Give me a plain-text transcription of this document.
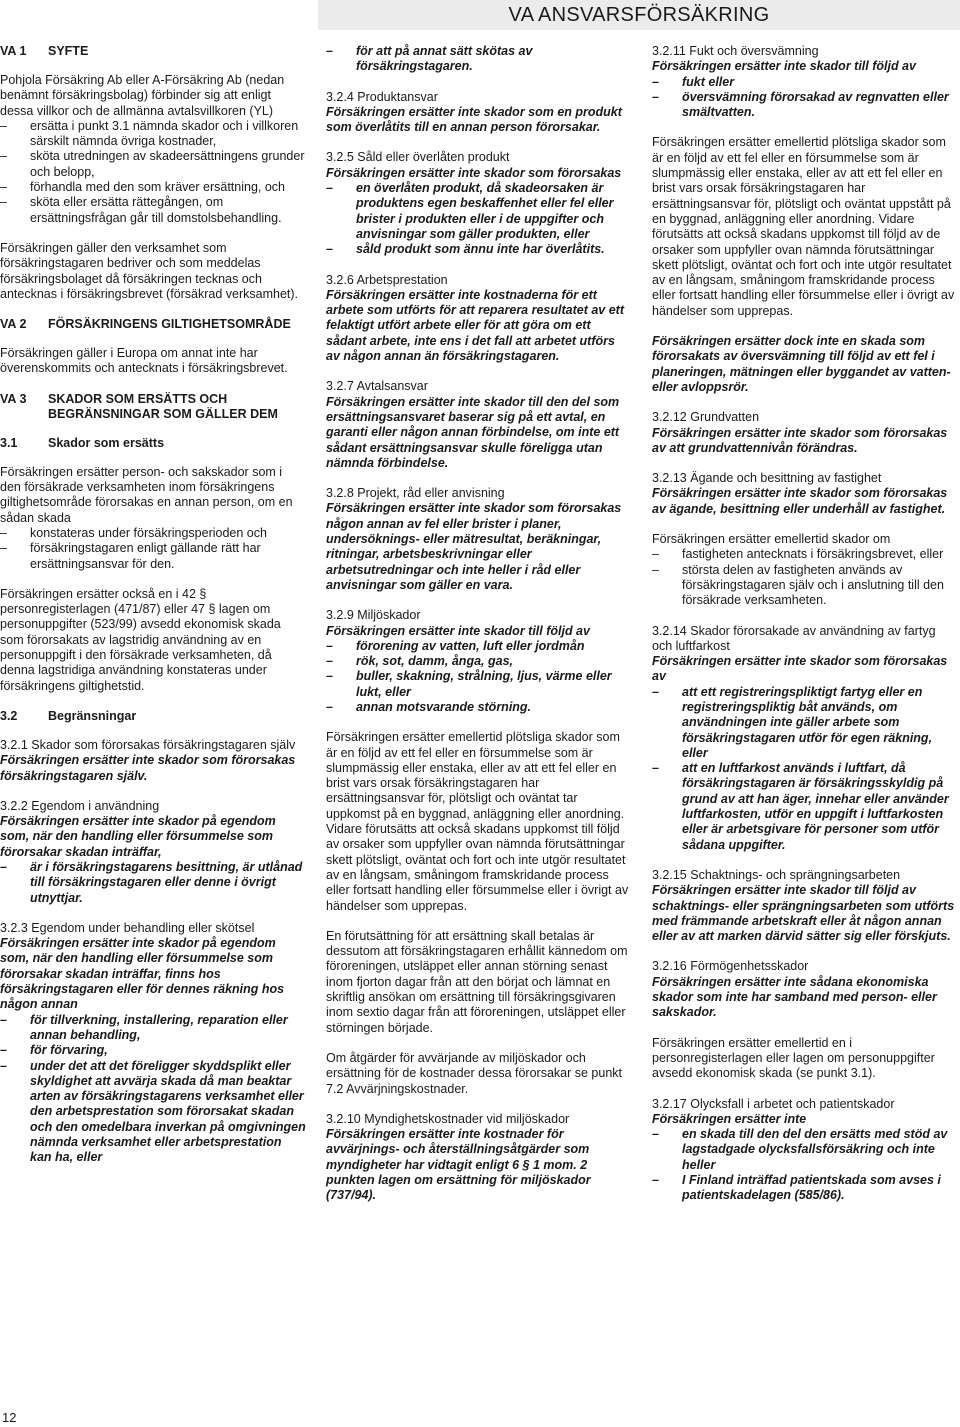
VA ANSVARSFÖRSÄKRING
VA 1	SYFTE
Pohjola Försäkring Ab eller A-Försäkring Ab (nedan benämnt försäkringsbolag) förbinder sig att enligt dessa villkor och de allmänna avtalsvillkoren (YL)
–	ersätta i punkt 3.1 nämnda skador och i villkoren särskilt nämnda övriga kostnader,
–	sköta utredningen av skadeersättningens grunder och belopp,
–	förhandla med den som kräver ersättning, och
–	sköta eller ersätta rättegången, om ersättningsfrågan går till domstolsbehandling.

Försäkringen gäller den verksamhet som försäkringstagaren bedriver och som meddelas försäkringsbolaget då försäkringen tecknas och antecknas i försäkringsbrevet (försäkrad verksamhet).

VA 2	FÖRSÄKRINGENS GILTIGHETSOMRÅDE

Försäkringen gäller i Europa om annat inte har överenskommits och antecknats i försäkringsbrevet.

VA 3	SKADOR SOM ERSÄTTS OCH BEGRÄNSNINGAR SOM GÄLLER DEM
3.1	Skador som ersätts
Försäkringen ersätter person- och sakskador som i den försäkrade verksamheten inom försäkringens giltighetsområde förorsakas en annan person, om en sådan skada
–	konstateras under försäkringsperioden och
–	försäkringstagaren enligt gällande rätt har ersättningsansvar för den.

Försäkringen ersätter också en i 42 § personregisterlagen (471/87) eller 47 § lagen om personuppgifter (523/99) avsedd ekonomisk skada som förorsakats av lagstridig användning av en personuppgift i den försäkrade verksamheten, då denna lagstridiga användning konstateras under försäkringens giltighetstid.

3.2	Begränsningar
3.2.1 Skador som förorsakas försäkringstagaren själv
Försäkringen ersätter inte skador som förorsakas försäkringstagaren själv.
3.2.2 Egendom i användning
Försäkringen ersätter inte skador på egendom som, när den handling eller försummelse som förorsakar skadan inträffar,
–	är i försäkringstagarens besittning, är utlånad till försäkringstagaren eller denne i övrigt utnyttjar.
3.2.3 Egendom under behandling eller skötsel
Försäkringen ersätter inte skador på egendom som, när den handling eller försummelse som förorsakar skadan inträffar, finns hos försäkringstagaren eller för dennes räkning hos någon annan
–	för tillverkning, installering, reparation eller annan behandling,
–	för förvaring,
–	under det att det föreligger skyddsplikt eller skyldighet att avvärja skada då man beaktar arten av försäkringstagarens verksamhet eller den arbetsprestation som förorsakat skadan och den omedelbara inverkan på omgivningen nämnda verksamhet eller arbetsprestation kan ha, eller
–	för att på annat sätt skötas av försäkringstagaren.
3.2.4 Produktansvar
Försäkringen ersätter inte skador som en produkt som överlåtits till en annan person förorsakar.
3.2.5 Såld eller överlåten produkt
Försäkringen ersätter inte skador som förorsakas
–	en överlåten produkt, då skadeorsaken är produktens egen beskaffenhet eller fel eller brister i produkten eller i de uppgifter och anvisningar som gäller produkten, eller
–	såld produkt som ännu inte har överlåtits.
3.2.6 Arbetsprestation
Försäkringen ersätter inte kostnaderna för ett arbete som utförts för att reparera resultatet av ett felaktigt utfört arbete eller för att göra om ett sådant arbete, inte ens i det fall att arbetet utförs av någon annan än försäkringstagaren.
3.2.7 Avtalsansvar
Försäkringen ersätter inte skador till den del som ersättningsansvaret baserar sig på ett avtal, en garanti eller någon annan förbindelse, om inte ett sådant ersättningsansvar skulle föreligga utan nämnda förbindelse.
3.2.8 Projekt, råd eller anvisning
Försäkringen ersätter inte skador som förorsakas någon annan av fel eller brister i planer, undersöknings- eller mätresultat, beräkningar, ritningar, arbetsbeskrivningar eller arbetsutredningar och inte heller i råd eller anvisningar som gäller en vara.
3.2.9 Miljöskador
Försäkringen ersätter inte skador till följd av
–	förorening av vatten, luft eller jordmån
–	rök, sot, damm, ånga, gas,
–	buller, skakning, strålning, ljus, värme eller lukt, eller
–	annan motsvarande störning.

Försäkringen ersätter emellertid plötsliga skador som är en följd av ett fel eller en försummelse som är slumpmässig eller enstaka, eller av att ett fel eller en brist vars orsak försäkringstagaren har ersättningsansvar för, plötsligt och oväntat tar uppkomst på en byggnad, anläggning eller anordning. Vidare förutsätts att också skadans uppkomst till följd av orsaker som uppfyller ovan nämnda förutsättningar skett plötsligt, oväntat och fort och inte utgör resultatet av en långsam, småningom framskridande process eller fortsatt handling eller försummelse eller i övrigt av händelser som upprepas.

En förutsättning för att ersättning skall betalas är dessutom att försäkringstagaren erhållit kännedom om föroreningen, utsläppet eller annan störning senast inom fjorton dagar från att den börjat och lämnat en skriftlig ansökan om ersättning till försäkringsgivaren inom sextio dagar från att föroreningen, utsläppet eller störningen började.

Om åtgärder för avvärjande av miljöskador och ersättning för de kostnader dessa förorsakar se punkt 7.2 Avvärjningskostnader.

3.2.10 Myndighetskostnader vid miljöskador
Försäkringen ersätter inte kostnader för avvärjnings- och återställningsåtgärder som myndigheter har vidtagit enligt 6 § 1 mom. 2 punkten lagen om ersättning för miljöskador (737/94).
3.2.11 Fukt och översvämning
Försäkringen ersätter inte skador till följd av
–	fukt eller
–	översvämning förorsakad av regnvatten eller smältvatten.

Försäkringen ersätter emellertid plötsliga skador som är en följd av ett fel eller en försummelse som är slumpmässig eller enstaka, eller av att ett fel eller en brist vars orsak försäkringstagaren har ersättningsansvar för, plötsligt och oväntat uppstått på en byggnad, anläggning eller anordning. Vidare förutsätts att också skadans uppkomst till följd av de orsaker som uppfyller ovan nämnda förutsättningar skett plötsligt, oväntat och fort och inte utgör resultatet av en långsam, småningom framskridande process eller fortsatt handling eller försummelse eller i övrigt av händelser som upprepas.

Försäkringen ersätter dock inte en skada som förorsakats av översvämning till följd av ett fel i planeringen, mätningen eller byggandet av vatten- eller avloppsrör.

3.2.12 Grundvatten
Försäkringen ersätter inte skador som förorsakas av att grundvattennivån förändras.
3.2.13 Ägande och besittning av fastighet
Försäkringen ersätter inte skador som förorsakas av ägande, besittning eller underhåll av fastighet.
Försäkringen ersätter emellertid skador om
–	fastigheten antecknats i försäkringsbrevet, eller
–	största delen av fastigheten används av försäkringstagaren själv och i anslutning till den försäkrade verksamheten.
3.2.14 Skador förorsakade av användning av fartyg och luftfarkost
Försäkringen ersätter inte skador som förorsakas av
–	att ett registreringspliktigt fartyg eller en registreringspliktig båt används, om användningen inte gäller arbete som försäkringstagaren utför för egen räkning, eller
–	att en luftfarkost används i luftfart, då försäkringstagaren är försäkringsskyldig på grund av att han äger, innehar eller använder luftfarkosten, utför en uppgift i luftfarkosten eller är arbetsgivare för personer som utför sådana uppgifter.
3.2.15 Schaktnings- och sprängningsarbeten
Försäkringen ersätter inte skador till följd av schaktnings- eller sprängningsarbeten som utförts med främmande arbetskraft eller åt någon annan eller av att marken därvid sätter sig eller förskjuts.
3.2.16 Förmögenhetsskador
Försäkringen ersätter inte sådana ekonomiska skador som inte har samband med person- eller sakskador.

Försäkringen ersätter emellertid en i personregisterlagen eller lagen om personuppgifter avsedd ekonomisk skada (se punkt 3.1).

3.2.17 Olycksfall i arbetet och patientskador
Försäkringen ersätter inte
–	en skada till den del den ersätts med stöd av lagstadgade olycksfallsförsäkring och inte heller
–	I Finland inträffad patientskada som avses i patientskadelagen (585/86).
12
